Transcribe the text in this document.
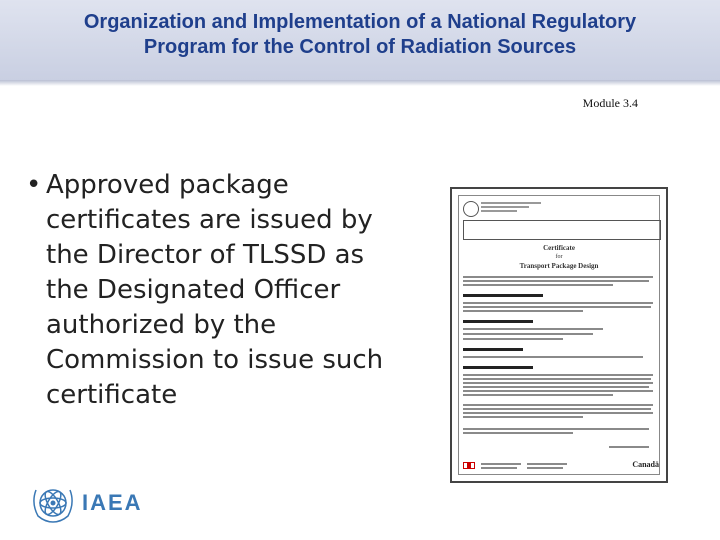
Organization and Implementation of a National Regulatory
Program for the Control of Radiation Sources
Module 3.4
• Approved package certificates are issued by the Director of TLSSD as the Designated Officer authorized by the Commission to issue such certificate
Certificate
for
Transport Package Design
Canadä
IAEA
